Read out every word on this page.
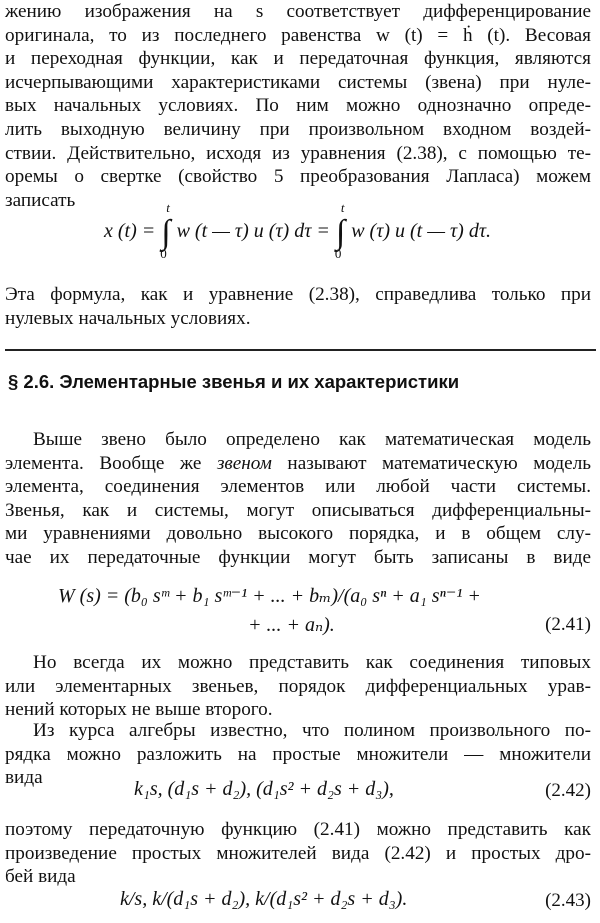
жению изображения на s соответствует дифференцирование
оригинала, то из последнего равенства w (t) = ḣ (t). Весовая
и переходная функции, как и передаточная функция, являются
исчерпывающими характеристиками системы (звена) при нуле-
вых начальных условиях. По ним можно однозначно опреде-
лить выходную величину при произвольном входном воздей-
ствии. Действительно, исходя из уравнения (2.38), с помощью те-
оремы о свертке (свойство 5 преобразования Лапласа) можем
записать
x (t) =
t
∫
0
w (t — τ) u (τ) dτ =
t
∫
0
w (τ) u (t — τ) dτ.
Эта формула, как и уравнение (2.38), справедлива только при
нулевых начальных условиях.
§ 2.6. Элементарные звенья и их характеристики
Выше звено было определено как математическая модель
элемента. Вообще же звеном называют математическую модель
элемента, соединения элементов или любой части системы.
Звенья, как и системы, могут описываться дифференциальны-
ми уравнениями довольно высокого порядка, и в общем слу-
чае их передаточные функции могут быть записаны в виде
W (s) = (b₀ sᵐ + b₁ sᵐ⁻¹ + ... + bₘ)/(a₀ sⁿ + a₁ sⁿ⁻¹ +
+ ... + aₙ).	(2.41)
Но всегда их можно представить как соединения типовых
или элементарных звеньев, порядок дифференциальных урав-
нений которых не выше второго.
Из курса алгебры известно, что полином произвольного по-
рядка можно разложить на простые множители — множители
вида
k₁s, (d₁s + d₂), (d₁s² + d₂s + d₃),	(2.42)
поэтому передаточную функцию (2.41) можно представить как
произведение простых множителей вида (2.42) и простых дро-
бей вида
k/s, k/(d₁s + d₂), k/(d₁s² + d₂s + d₃).	(2.43)
